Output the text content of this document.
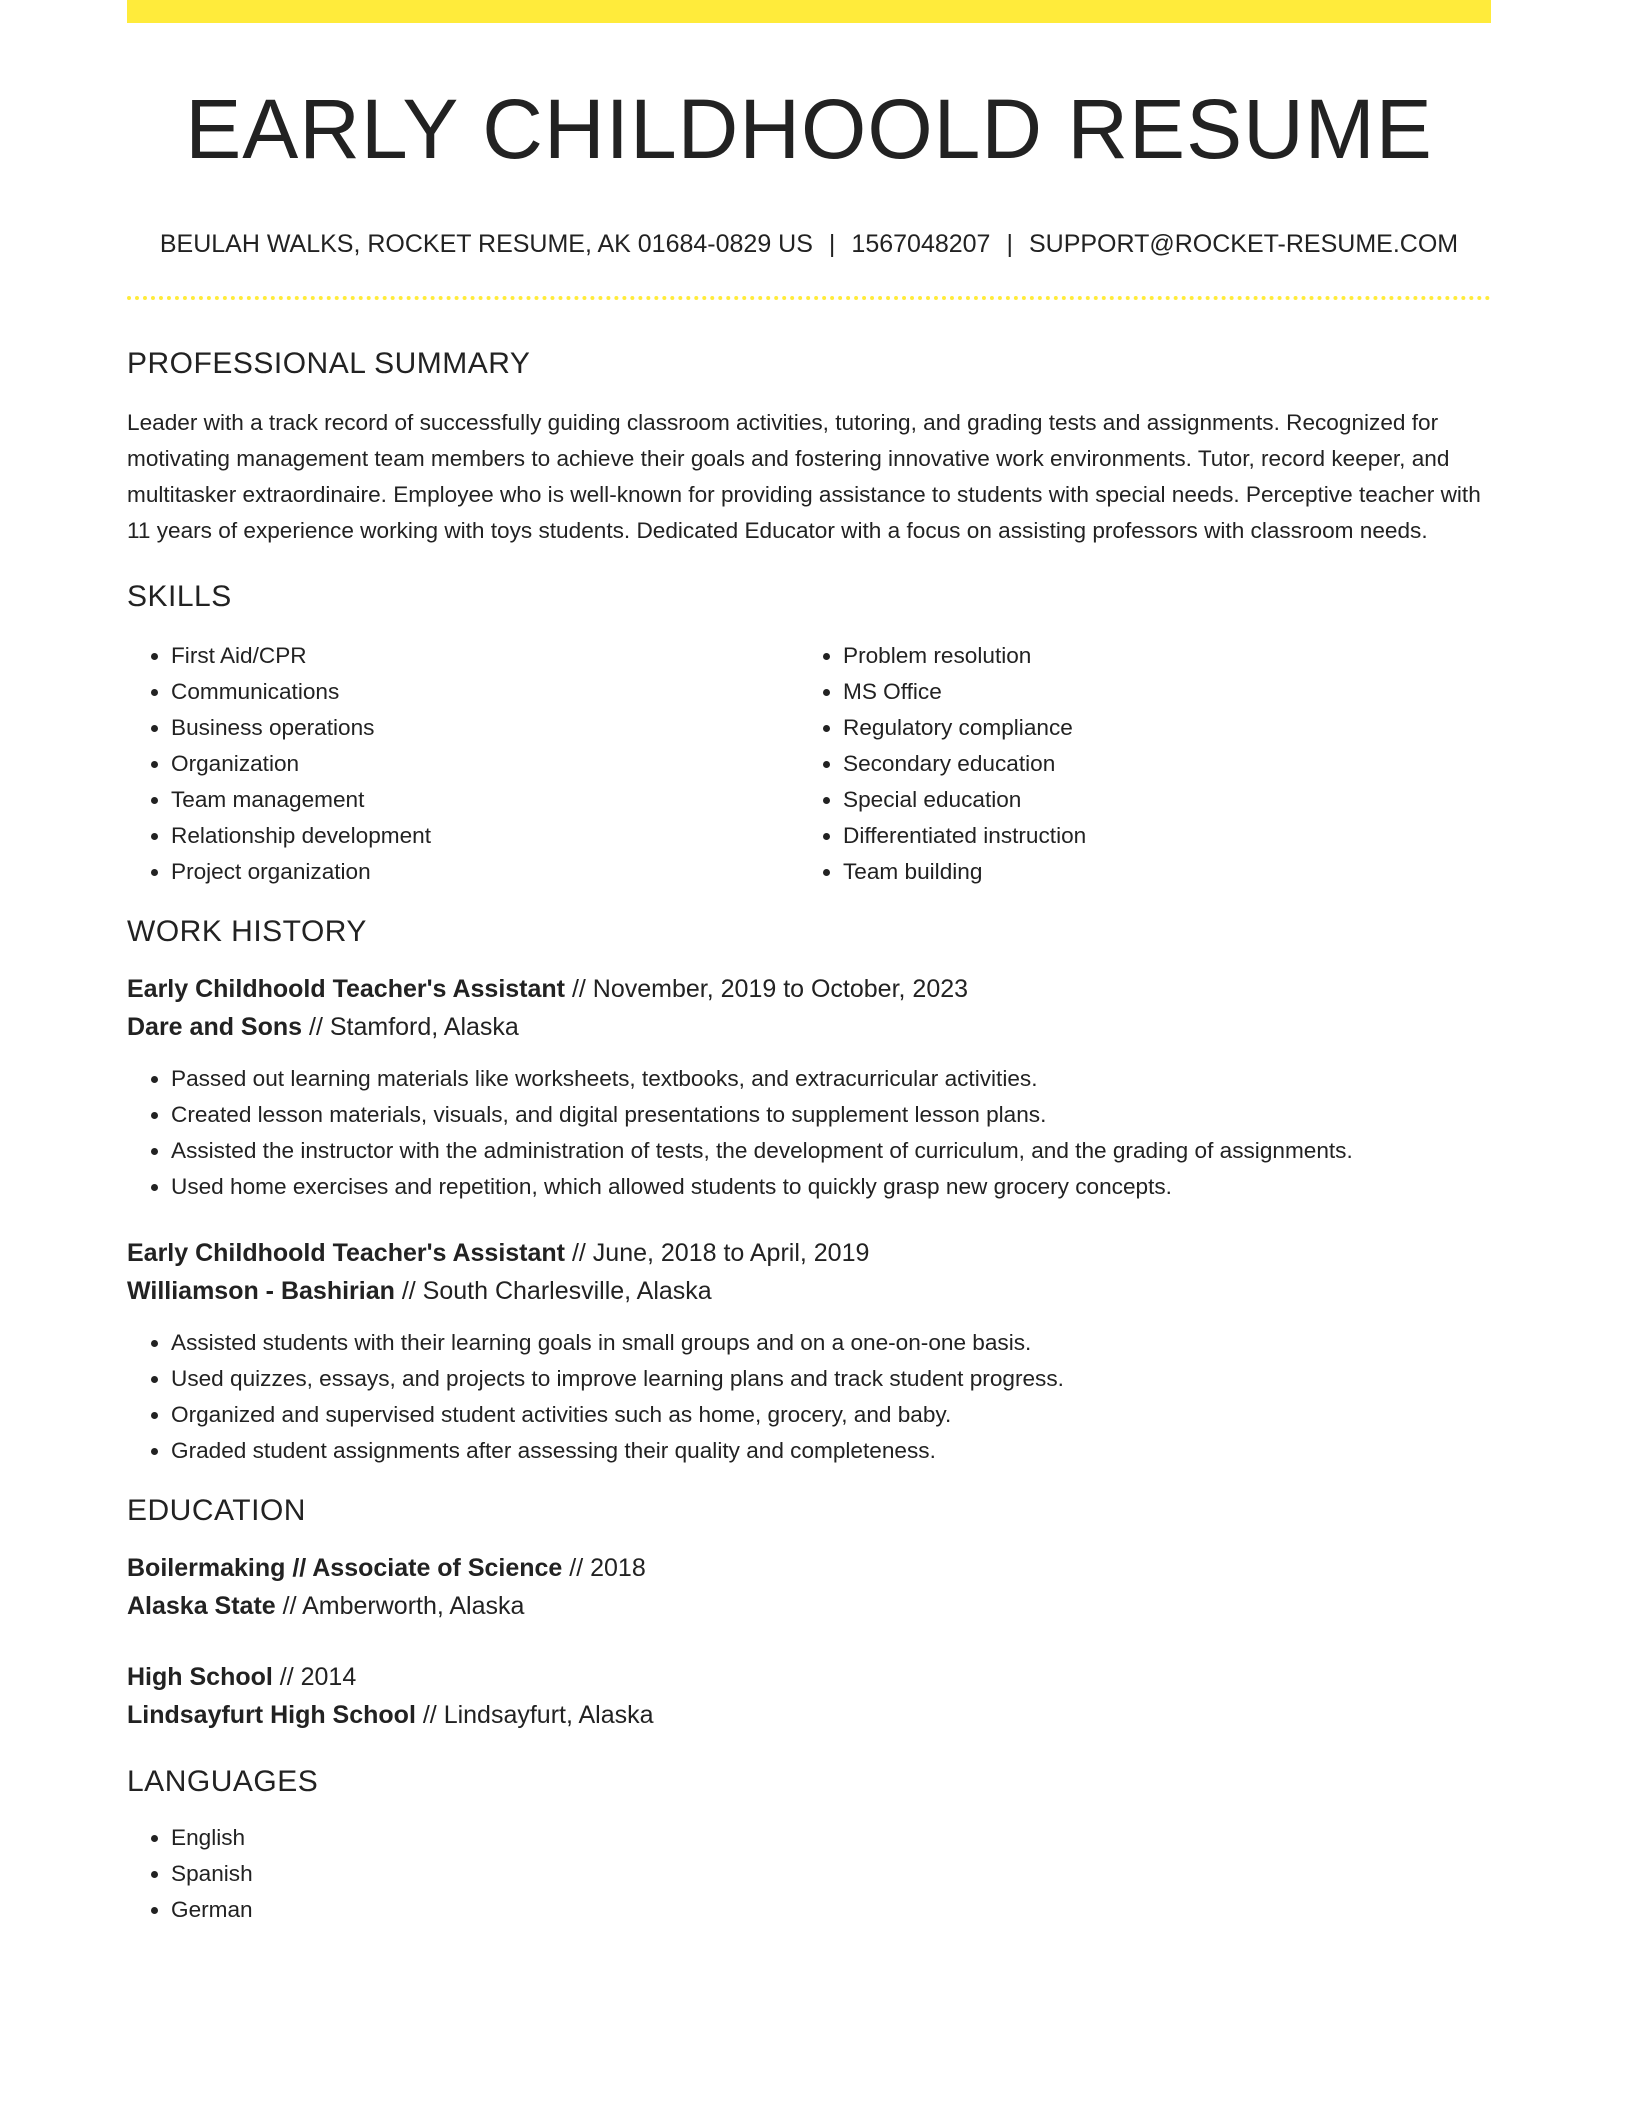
EARLY CHILDHOOLD RESUME
BEULAH WALKS, ROCKET RESUME, AK 01684-0829 US | 1567048207 | SUPPORT@ROCKET-RESUME.COM
PROFESSIONAL SUMMARY
Leader with a track record of successfully guiding classroom activities, tutoring, and grading tests and assignments. Recognized for motivating management team members to achieve their goals and fostering innovative work environments. Tutor, record keeper, and multitasker extraordinaire. Employee who is well-known for providing assistance to students with special needs. Perceptive teacher with 11 years of experience working with toys students. Dedicated Educator with a focus on assisting professors with classroom needs.
SKILLS
• First Aid/CPR
• Communications
• Business operations
• Organization
• Team management
• Relationship development
• Project organization
• Problem resolution
• MS Office
• Regulatory compliance
• Secondary education
• Special education
• Differentiated instruction
• Team building
WORK HISTORY
Early Childhoold Teacher's Assistant // November, 2019 to October, 2023
Dare and Sons // Stamford, Alaska
• Passed out learning materials like worksheets, textbooks, and extracurricular activities.
• Created lesson materials, visuals, and digital presentations to supplement lesson plans.
• Assisted the instructor with the administration of tests, the development of curriculum, and the grading of assignments.
• Used home exercises and repetition, which allowed students to quickly grasp new grocery concepts.
Early Childhoold Teacher's Assistant // June, 2018 to April, 2019
Williamson - Bashirian // South Charlesville, Alaska
• Assisted students with their learning goals in small groups and on a one-on-one basis.
• Used quizzes, essays, and projects to improve learning plans and track student progress.
• Organized and supervised student activities such as home, grocery, and baby.
• Graded student assignments after assessing their quality and completeness.
EDUCATION
Boilermaking // Associate of Science // 2018
Alaska State // Amberworth, Alaska
High School // 2014
Lindsayfurt High School // Lindsayfurt, Alaska
LANGUAGES
• English
• Spanish
• German
